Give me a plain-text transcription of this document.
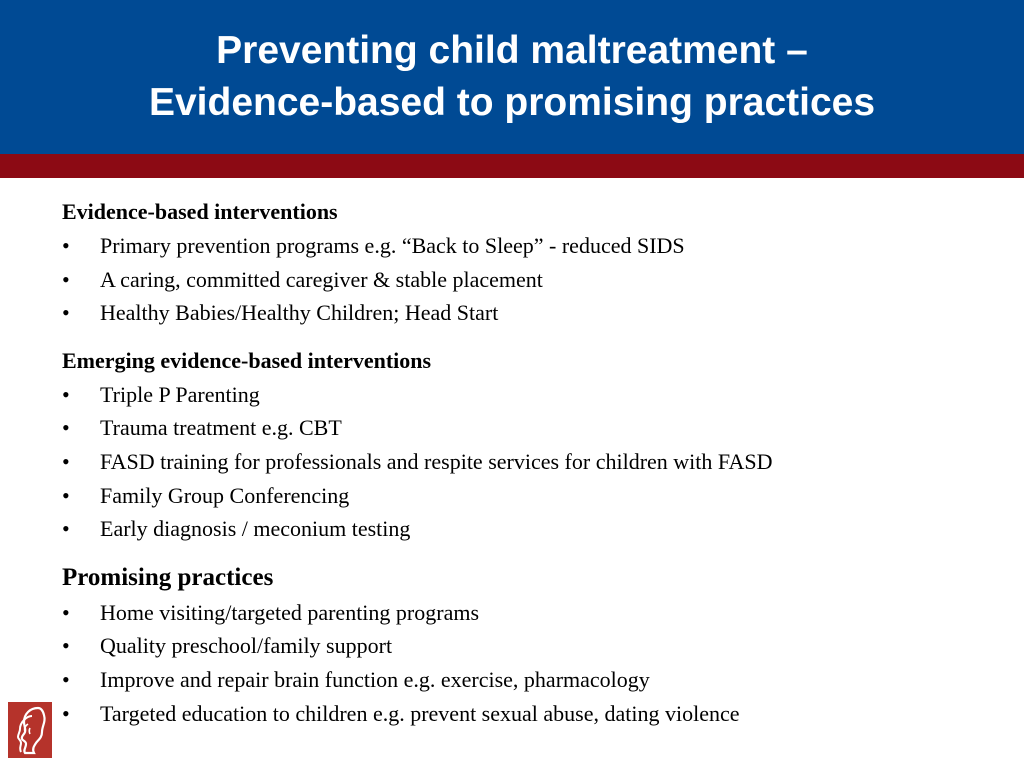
Preventing child maltreatment –
Evidence-based to promising practices
Evidence-based interventions
• Primary prevention programs e.g. “Back to Sleep” - reduced SIDS
• A caring, committed caregiver & stable placement
• Healthy Babies/Healthy Children; Head Start
Emerging evidence-based interventions
• Triple P Parenting
• Trauma treatment e.g. CBT
• FASD training for professionals and respite services for children with FASD
• Family Group Conferencing
• Early diagnosis / meconium testing
Promising practices
• Home visiting/targeted parenting programs
• Quality preschool/family support
• Improve and repair brain function e.g. exercise, pharmacology
• Targeted education to children e.g. prevent sexual abuse, dating violence
